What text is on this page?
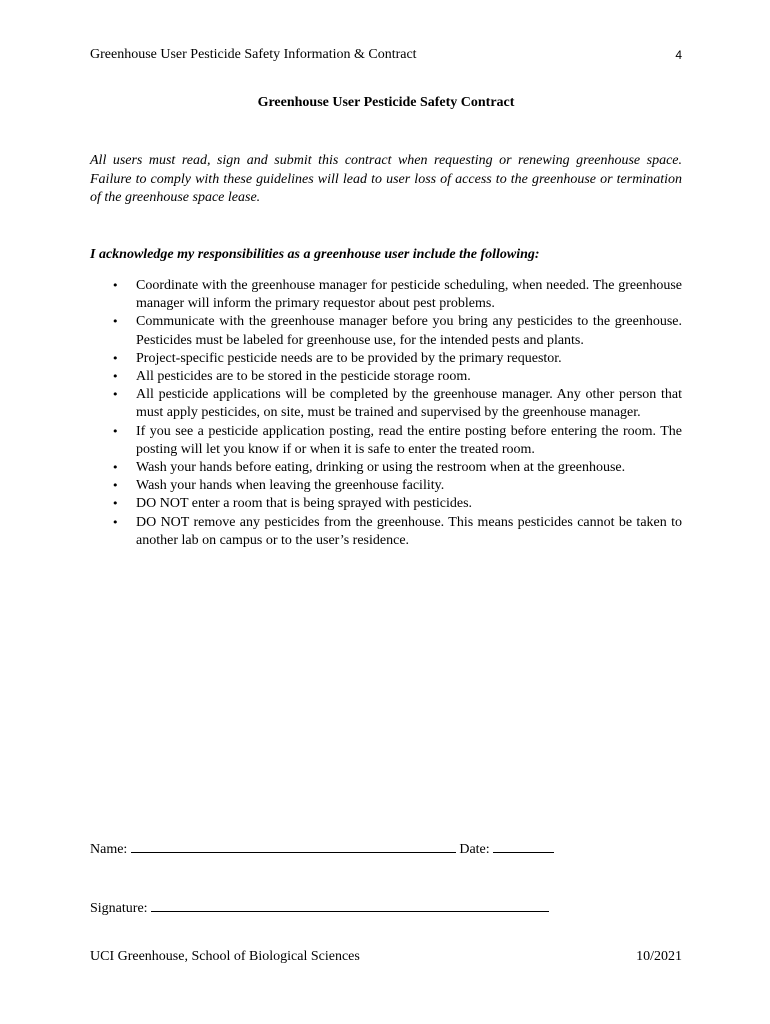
Greenhouse User Pesticide Safety Information & Contract	4
Greenhouse User Pesticide Safety Contract
All users must read, sign and submit this contract when requesting or renewing greenhouse space. Failure to comply with these guidelines will lead to user loss of access to the greenhouse or termination of the greenhouse space lease.
I acknowledge my responsibilities as a greenhouse user include the following:
• Coordinate with the greenhouse manager for pesticide scheduling, when needed. The greenhouse manager will inform the primary requestor about pest problems.
• Communicate with the greenhouse manager before you bring any pesticides to the greenhouse. Pesticides must be labeled for greenhouse use, for the intended pests and plants.
• Project-specific pesticide needs are to be provided by the primary requestor.
• All pesticides are to be stored in the pesticide storage room.
• All pesticide applications will be completed by the greenhouse manager. Any other person that must apply pesticides, on site, must be trained and supervised by the greenhouse manager.
• If you see a pesticide application posting, read the entire posting before entering the room. The posting will let you know if or when it is safe to enter the treated room.
• Wash your hands before eating, drinking or using the restroom when at the greenhouse.
• Wash your hands when leaving the greenhouse facility.
• DO NOT enter a room that is being sprayed with pesticides.
• DO NOT remove any pesticides from the greenhouse. This means pesticides cannot be taken to another lab on campus or to the user’s residence.
Name:	Date:
Signature:
UCI Greenhouse, School of Biological Sciences	10/2021
